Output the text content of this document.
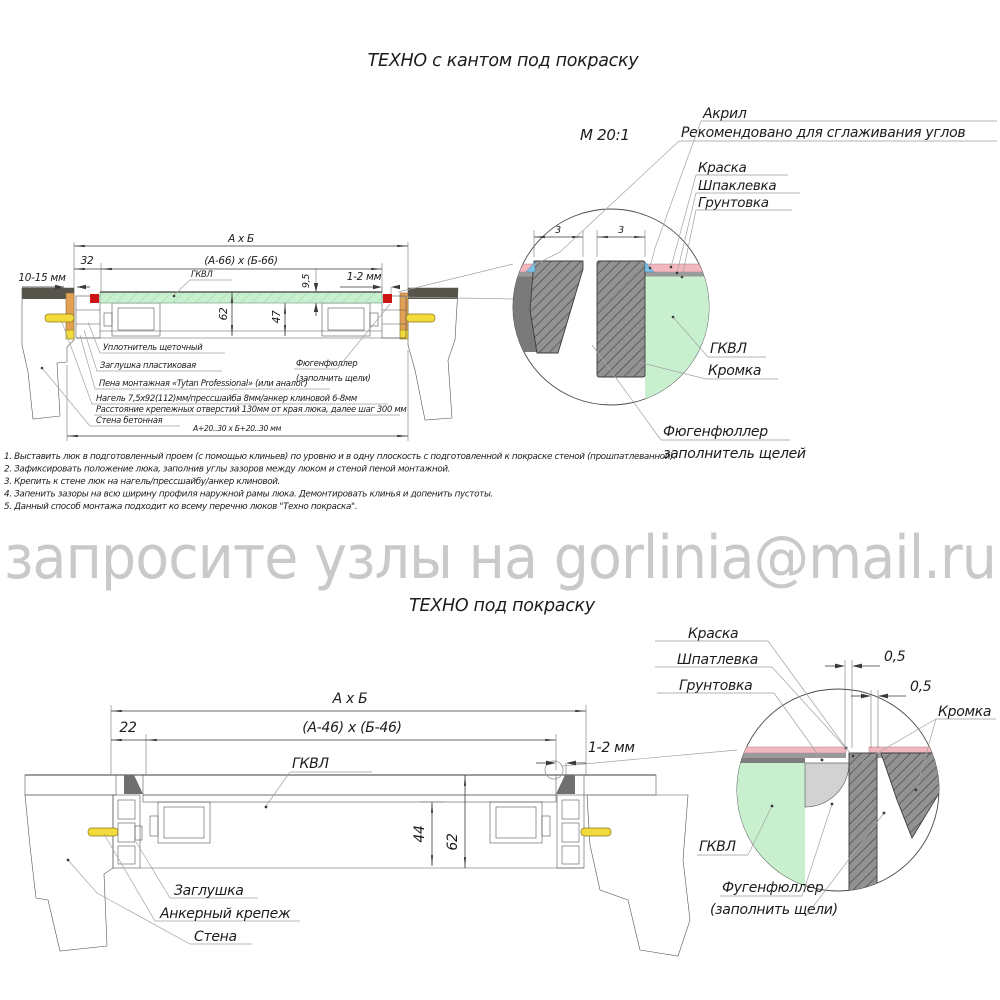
ТЕХНО с кантом под покраску
ТЕХНО под покраску
А х Б
(А-66) х (Б-66)
32
10-15 мм	9,5	1-2 мм
62	47
А+20..30 х Б+20..30 мм
ГКВЛ
Уплотнитель щеточный
Заглушка пластиковая
Пена монтажная «Tytan Professional» (или аналог)
Нагель 7,5х92(112)мм/прессшайба 8мм/анкер клиновой 6-8мм
Расстояние крепежных отверстий 130мм от края люка, далее шаг 300 мм
Стена бетонная
Фюгенфюллер
(заполнить щели)
3	3
М 20:1
Акрил
Рекомендовано для сглаживания углов
Краска
Шпаклевка
Грунтовка
ГКВЛ
Кромка
Фюгенфюллер
заполнитель щелей
1. Выставить люк в подготовленный проем (с помощью клиньев) по уровню и в одну плоскость с подготовленной к покраске стеной (прошпатлеванной).
2. Зафиксировать положение люка, заполнив углы зазоров между люком и стеной пеной монтажной.
3. Крепить к стене люк на нагель/прессшайбу/анкер клиновой.
4. Запенить зазоры на всю ширину профиля наружной рамы люка. Демонтировать клинья и допенить пустоты.
5. Данный способ монтажа подходит ко всему перечню люков "Техно покраска".
запросите узлы на gorlinia@mail.ru
А х Б
(А-46) х (Б-46)
22
1-2 мм
ГКВЛ
44 62
Заглушка
Анкерный крепеж
Стена
0,5
0,5
Краска
Шпатлевка
Грунтовка
Кромка
ГКВЛ
Фугенфюллер
(заполнить щели)
